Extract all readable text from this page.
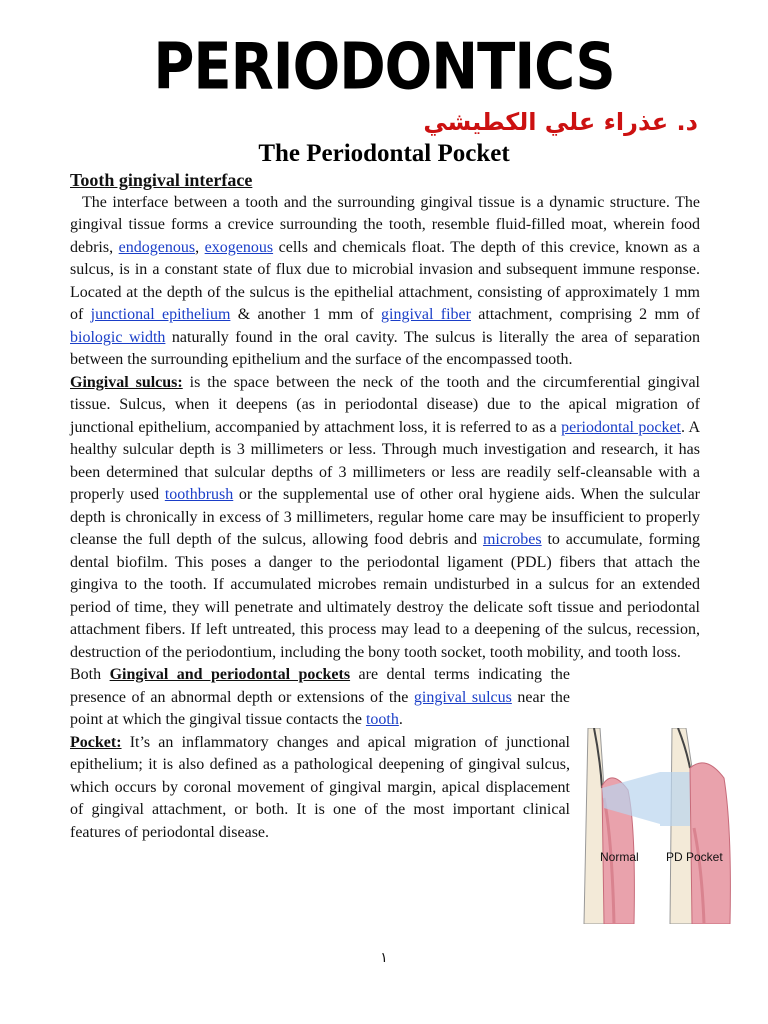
PERIODONTICS
د. عذراء علي الكطيشي
The Periodontal Pocket
Tooth gingival interface

The interface between a tooth and the surrounding gingival tissue is a dynamic structure. The gingival tissue forms a crevice surrounding the tooth, resemble fluid-filled moat, wherein food debris, endogenous, exogenous cells and chemicals float. The depth of this crevice, known as a sulcus, is in a constant state of flux due to microbial invasion and subsequent immune response. Located at the depth of the sulcus is the epithelial attachment, consisting of approximately 1 mm of junctional epithelium & another 1 mm of gingival fiber attachment, comprising 2 mm of biologic width naturally found in the oral cavity. The sulcus is literally the area of separation between the surrounding epithelium and the surface of the encompassed tooth.

Gingival sulcus: is the space between the neck of the tooth and the circumferential gingival tissue. Sulcus, when it deepens (as in periodontal disease) due to the apical migration of junctional epithelium, accompanied by attachment loss, it is referred to as a periodontal pocket. A healthy sulcular depth is 3 millimeters or less. Through much investigation and research, it has been determined that sulcular depths of 3 millimeters or less are readily self-cleansable with a properly used toothbrush or the supplemental use of other oral hygiene aids. When the sulcular depth is chronically in excess of 3 millimeters, regular home care may be insufficient to properly cleanse the full depth of the sulcus, allowing food debris and microbes to accumulate, forming dental biofilm. This poses a danger to the periodontal ligament (PDL) fibers that attach the gingiva to the tooth. If accumulated microbes remain undisturbed in a sulcus for an extended period of time, they will penetrate and ultimately destroy the delicate soft tissue and periodontal attachment fibers. If left untreated, this process may lead to a deepening of the sulcus, recession, destruction of the periodontium, including the bony tooth socket, tooth mobility, and tooth loss.

Both Gingival and periodontal pockets are dental terms indicating the presence of an abnormal depth or extensions of the gingival sulcus near the point at which the gingival tissue contacts the tooth.

Pocket: It’s an inflammatory changes and apical migration of junctional epithelium; it is also defined as a pathological deepening of gingival sulcus, which occurs by coronal movement of gingival margin, apical displacement of gingival attachment, or both. It is one of the most important clinical features of periodontal disease.

Normal PD Pocket
١
